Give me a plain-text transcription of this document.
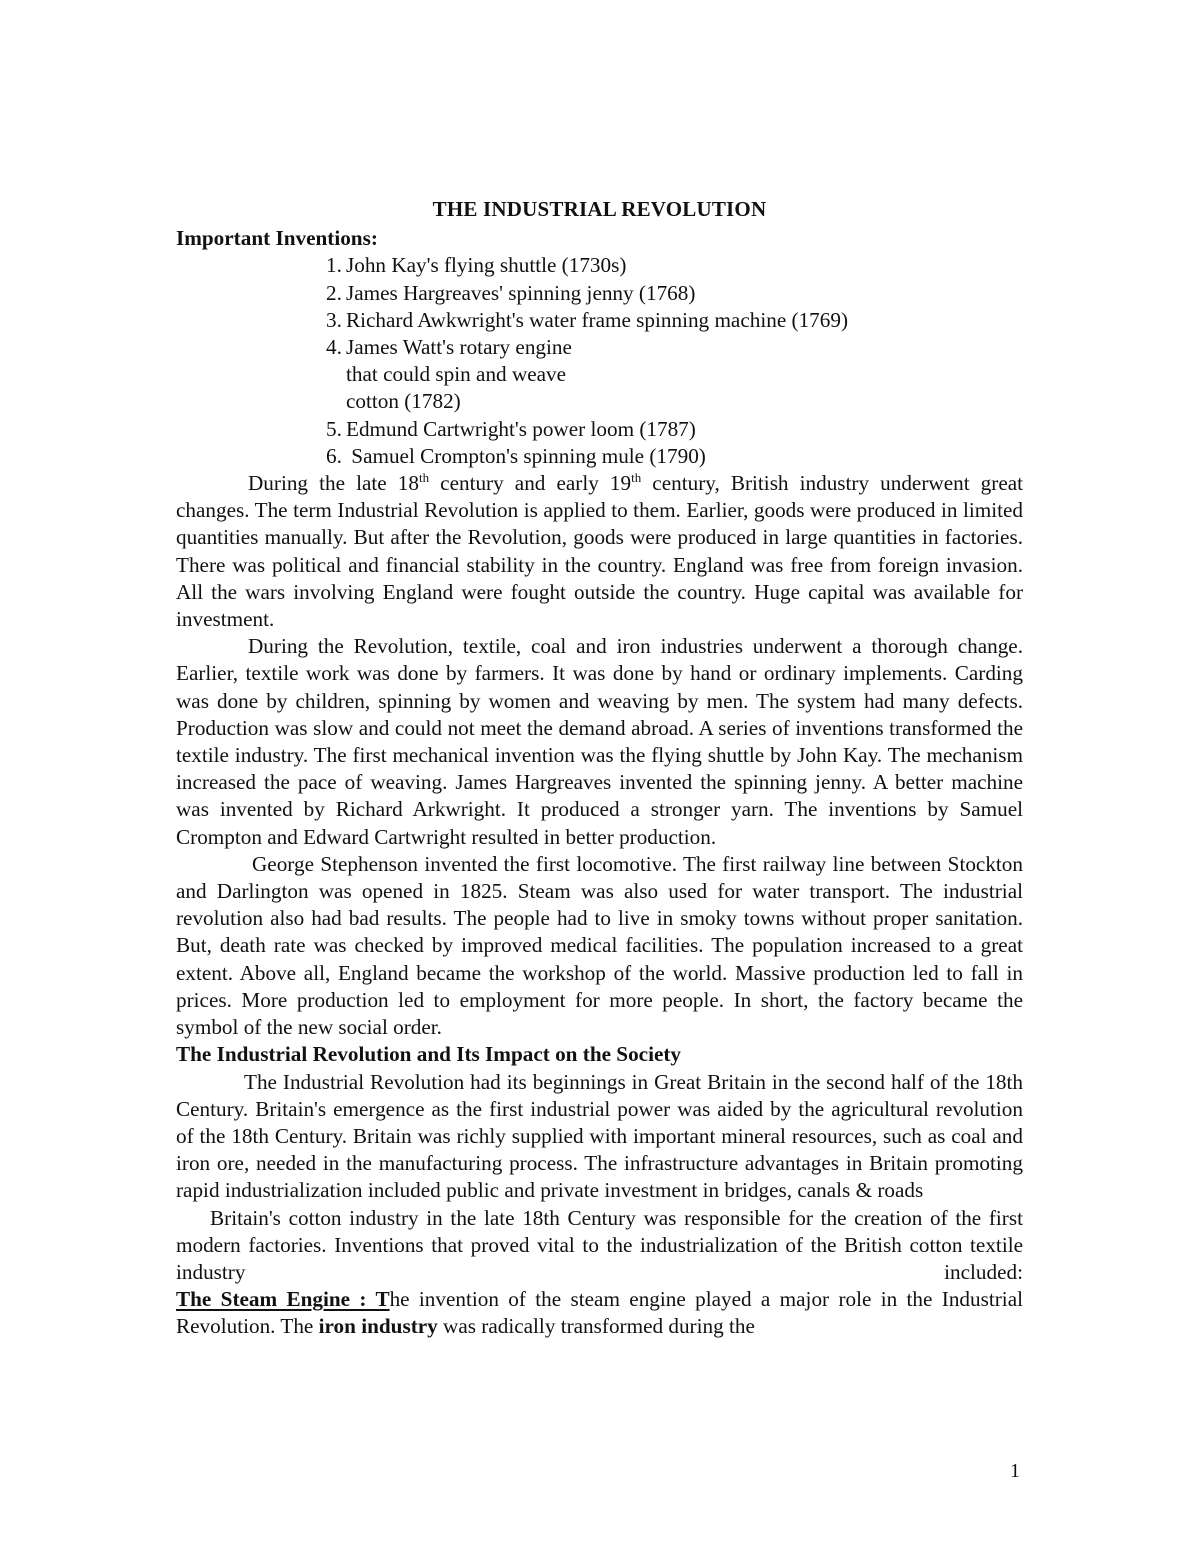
THE INDUSTRIAL REVOLUTION

Important Inventions:

1. John Kay's flying shuttle (1730s)
2. James Hargreaves' spinning jenny (1768)
3. Richard Awkwright's water frame spinning machine (1769)
4. James Watt's rotary engine that could spin and weave cotton (1782)
5. Edmund Cartwright's power loom (1787)
6. Samuel Crompton's spinning mule (1790)

During the late 18th century and early 19th century, British industry underwent great changes. The term Industrial Revolution is applied to them. Earlier, goods were produced in limited quantities manually. But after the Revolution, goods were produced in large quantities in factories. There was political and financial stability in the country. England was free from foreign invasion. All the wars involving England were fought outside the country. Huge capital was available for investment.

During the Revolution, textile, coal and iron industries underwent a thorough change. Earlier, textile work was done by farmers. It was done by hand or ordinary implements. Carding was done by children, spinning by women and weaving by men. The system had many defects. Production was slow and could not meet the demand abroad. A series of inventions transformed the textile industry. The first mechanical invention was the flying shuttle by John Kay. The mechanism increased the pace of weaving. James Hargreaves invented the spinning jenny. A better machine was invented by Richard Arkwright. It produced a stronger yarn. The inventions by Samuel Crompton and Edward Cartwright resulted in better production.

George Stephenson invented the first locomotive. The first railway line between Stockton and Darlington was opened in 1825. Steam was also used for water transport. The industrial revolution also had bad results. The people had to live in smoky towns without proper sanitation. But, death rate was checked by improved medical facilities. The population increased to a great extent. Above all, England became the workshop of the world. Massive production led to fall in prices. More production led to employment for more people. In short, the factory became the symbol of the new social order.

The Industrial Revolution and Its Impact on the Society

The Industrial Revolution had its beginnings in Great Britain in the second half of the 18th Century. Britain's emergence as the first industrial power was aided by the agricultural revolution of the 18th Century. Britain was richly supplied with important mineral resources, such as coal and iron ore, needed in the manufacturing process. The infrastructure advantages in Britain promoting rapid industrialization included public and private investment in bridges, canals & roads

Britain's cotton industry in the late 18th Century was responsible for the creation of the first modern factories. Inventions that proved vital to the industrialization of the British cotton textile industry included:

The Steam Engine : The invention of the steam engine played a major role in the Industrial Revolution. The iron industry was radically transformed during the

1
